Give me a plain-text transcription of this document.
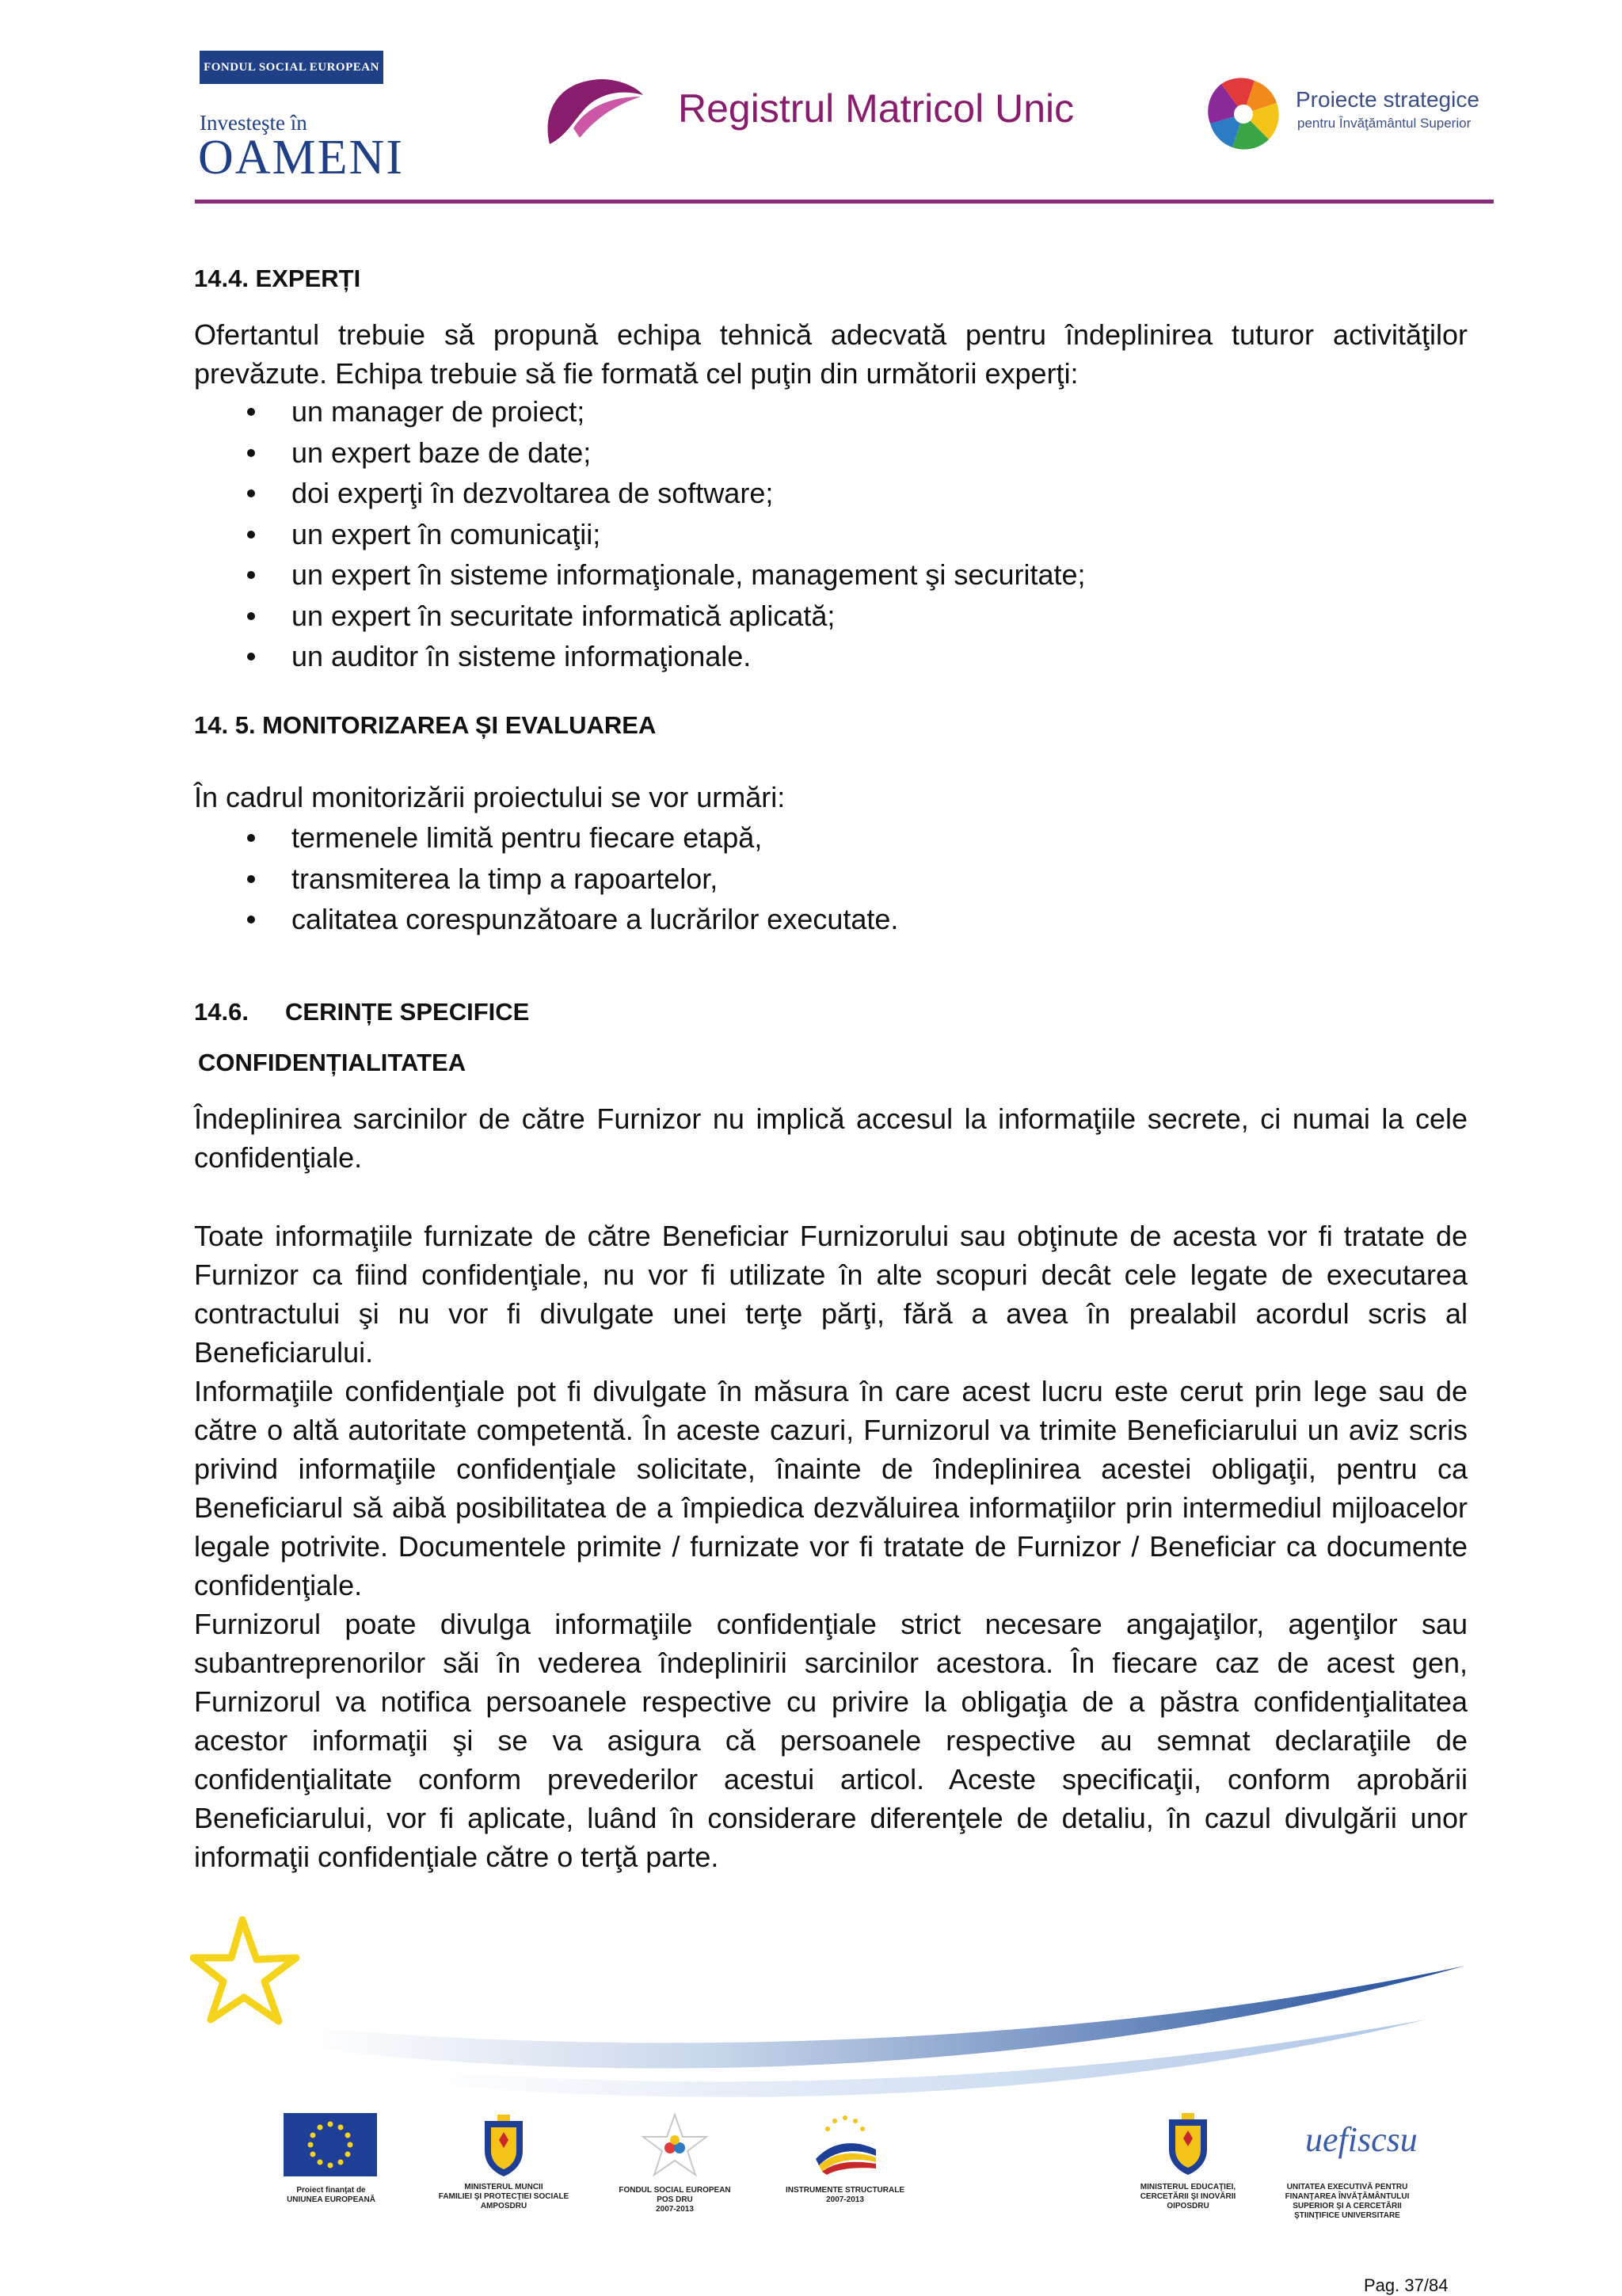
FONDUL SOCIAL EUROPEAN
Investeşte în
OAMENI
Registrul Matricol Unic	Proiecte strategice
pentru Învăţământul Superior
14.4. EXPERȚI

Ofertantul trebuie să propună echipa tehnică adecvată pentru îndeplinirea tuturor activităţilor prevăzute. Echipa trebuie să fie formată cel puţin din următorii experţi:

un manager de proiect;
un expert baze de date;
doi experţi în dezvoltarea de software;
un expert în comunicaţii;
un expert în sisteme informaţionale, management şi securitate;
un expert în securitate informatică aplicată;
un auditor în sisteme informaţionale.
14. 5. MONITORIZAREA ȘI EVALUAREA

În cadrul monitorizării proiectului se vor urmări:

termenele limită pentru fiecare etapă,
transmiterea la timp a rapoartelor,
calitatea corespunzătoare a lucrărilor executate.
14.6. CERINȚE SPECIFICE
CONFIDENȚIALITATEA

Îndeplinirea sarcinilor de către Furnizor nu implică accesul la informaţiile secrete, ci numai la cele confidenţiale.

Toate informaţiile furnizate de către Beneficiar Furnizorului sau obţinute de acesta vor fi tratate de Furnizor ca fiind confidenţiale, nu vor fi utilizate în alte scopuri decât cele legate de executarea contractului şi nu vor fi divulgate unei terţe părţi, fără a avea în prealabil acordul scris al Beneficiarului.

Informaţiile confidenţiale pot fi divulgate în măsura în care acest lucru este cerut prin lege sau de către o altă autoritate competentă. În aceste cazuri, Furnizorul va trimite Beneficiarului un aviz scris privind informaţiile confidenţiale solicitate, înainte de îndeplinirea acestei obligaţii, pentru ca Beneficiarul să aibă posibilitatea de a împiedica dezvăluirea informaţiilor prin intermediul mijloacelor legale potrivite. Documentele primite / furnizate vor fi tratate de Furnizor / Beneficiar ca documente confidenţiale.

Furnizorul poate divulga informaţiile confidenţiale strict necesare angajaţilor, agenţilor sau subantreprenorilor săi în vederea îndeplinirii sarcinilor acestora. În fiecare caz de acest gen, Furnizorul va notifica persoanele respective cu privire la obligaţia de a păstra confidenţialitatea acestor informaţii şi se va asigura că persoanele respective au semnat declaraţiile de confidenţialitate conform prevederilor acestui articol. Aceste specificaţii, conform aprobării Beneficiarului, vor fi aplicate, luând în considerare diferenţele de detaliu, în cazul divulgării unor informaţii confidenţiale către o terţă parte.

Proiect finanţat de
UNIUNEA EUROPEANĂ
MINISTERUL MUNCII
FAMILIEI ŞI PROTECŢIEI SOCIALE
AMPOSDRU
FONDUL SOCIAL EUROPEAN
POS DRU
2007-2013
INSTRUMENTE STRUCTURALE
2007-2013
MINISTERUL EDUCAŢIEI,
CERCETĂRII ŞI INOVĂRII
OIPOSDRU
uefiscsu
UNITATEA EXECUTIVĂ PENTRU
FINANŢAREA ÎNVĂŢĂMÂNTULUI
SUPERIOR ŞI A CERCETĂRII
ŞTIINŢIFICE UNIVERSITARE
Pag. 37/84
